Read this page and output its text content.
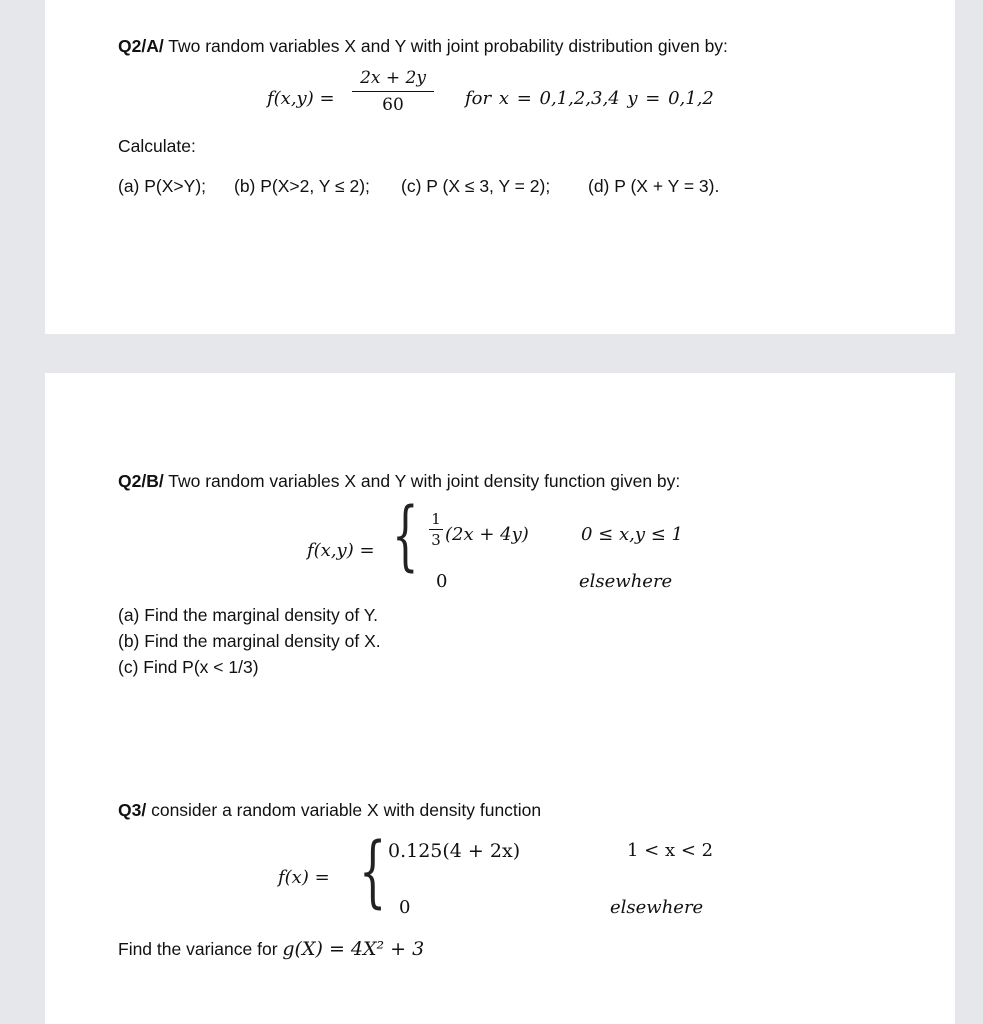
Q2/A/ Two random variables X and Y with joint probability distribution given by:
f(x,y) =
2x + 2y
60	for x = 0,1,2,3,4 y = 0,1,2
Calculate:
(a) P(X>Y); (b) P(X>2, Y ≤ 2); (c) P (X ≤ 3, Y = 2); (d) P (X + Y = 3).
Q2/B/ Two random variables X and Y with joint density function given by:
f(x,y) = { 1
3 (2x + 4y)	0 ≤ x,y ≤ 1
0	elsewhere
(a) Find the marginal density of Y.
(b) Find the marginal density of X.
(c) Find P(x < 1/3)
Q3/ consider a random variable X with density function
f(x) = { 0.125(4 + 2x)	1 < x < 2
0	elsewhere
Find the variance for g(X) = 4X² + 3
